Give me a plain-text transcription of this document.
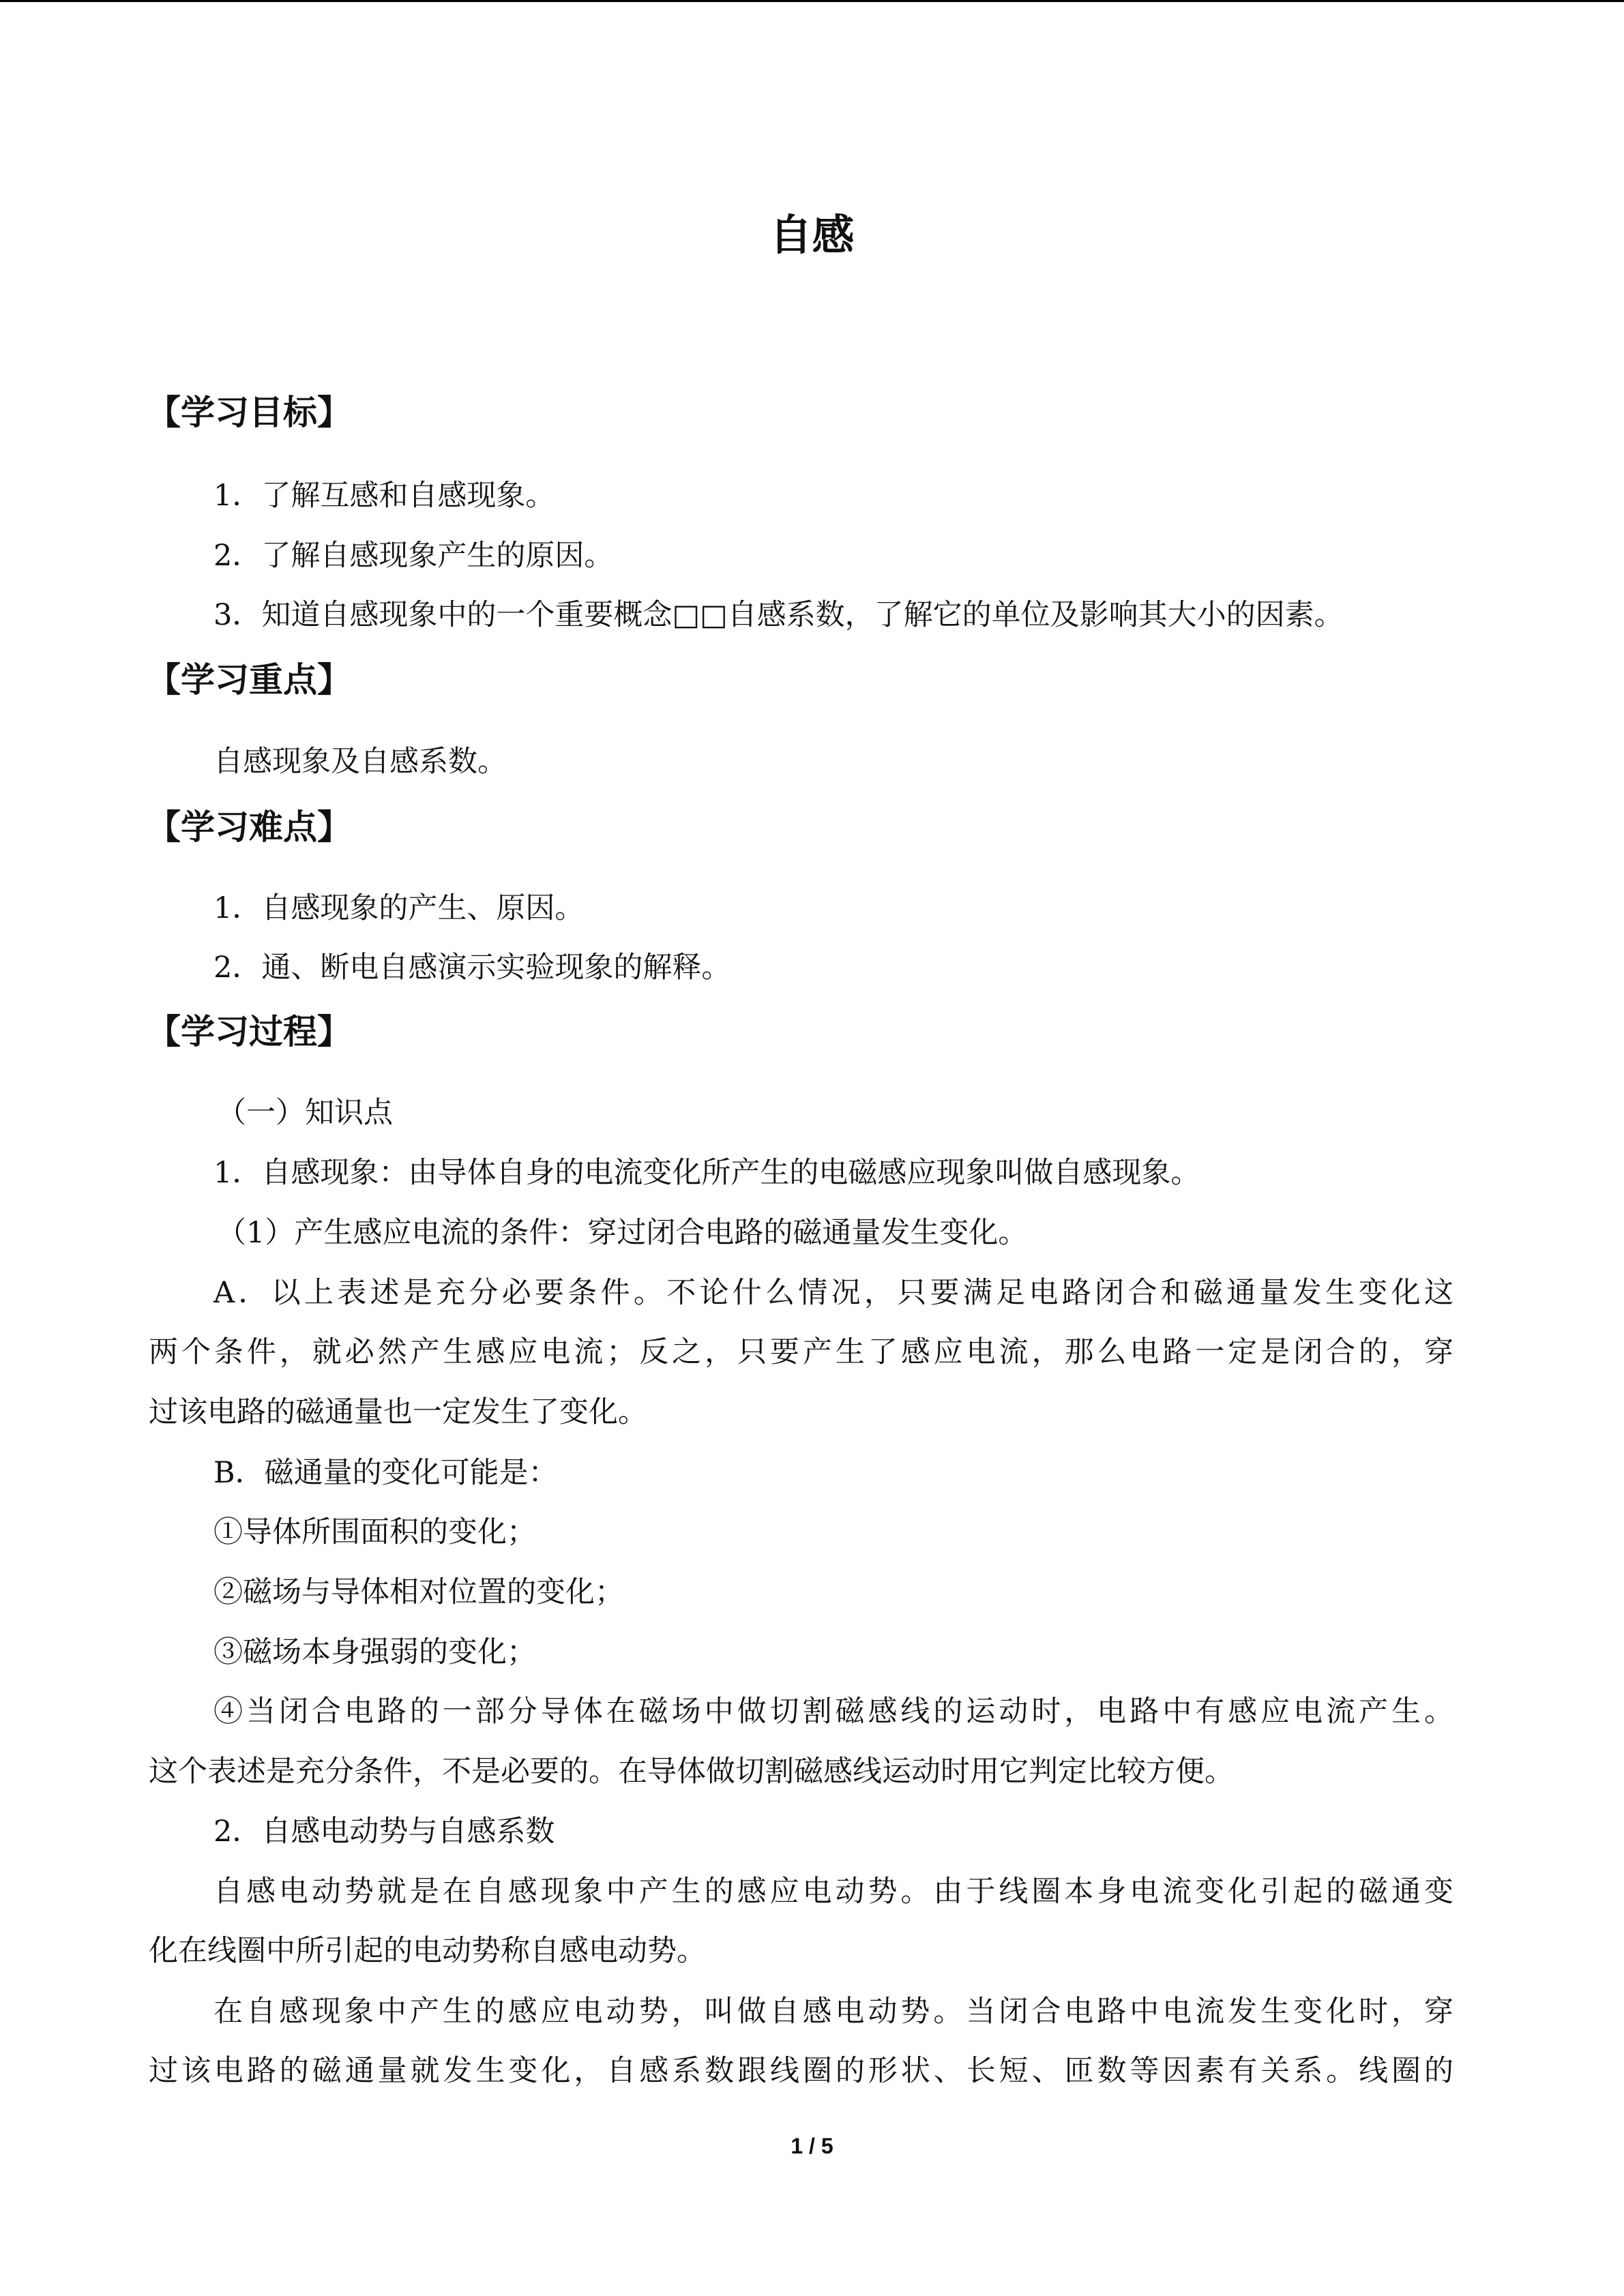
自感
【学习目标】
1．了解互感和自感现象。
2．了解自感现象产生的原因。
3．知道自感现象中的一个重要概念□□自感系数，了解它的单位及影响其大小的因素。
【学习重点】
自感现象及自感系数。
【学习难点】
1．自感现象的产生、原因。
2．通、断电自感演示实验现象的解释。
【学习过程】
（一）知识点
1．自感现象：由导体自身的电流变化所产生的电磁感应现象叫做自感现象。
（1）产生感应电流的条件：穿过闭合电路的磁通量发生变化。
A．以上表述是充分必要条件。不论什么情况，只要满足电路闭合和磁通量发生变化这
两个条件，就必然产生感应电流；反之，只要产生了感应电流，那么电路一定是闭合的，穿
过该电路的磁通量也一定发生了变化。
B．磁通量的变化可能是：
①导体所围面积的变化；
②磁场与导体相对位置的变化；
③磁场本身强弱的变化；
④当闭合电路的一部分导体在磁场中做切割磁感线的运动时，电路中有感应电流产生。
这个表述是充分条件，不是必要的。在导体做切割磁感线运动时用它判定比较方便。
2．自感电动势与自感系数
自感电动势就是在自感现象中产生的感应电动势。由于线圈本身电流变化引起的磁通变
化在线圈中所引起的电动势称自感电动势。
在自感现象中产生的感应电动势，叫做自感电动势。当闭合电路中电流发生变化时，穿
过该电路的磁通量就发生变化，自感系数跟线圈的形状、长短、匝数等因素有关系。线圈的
1 / 5
